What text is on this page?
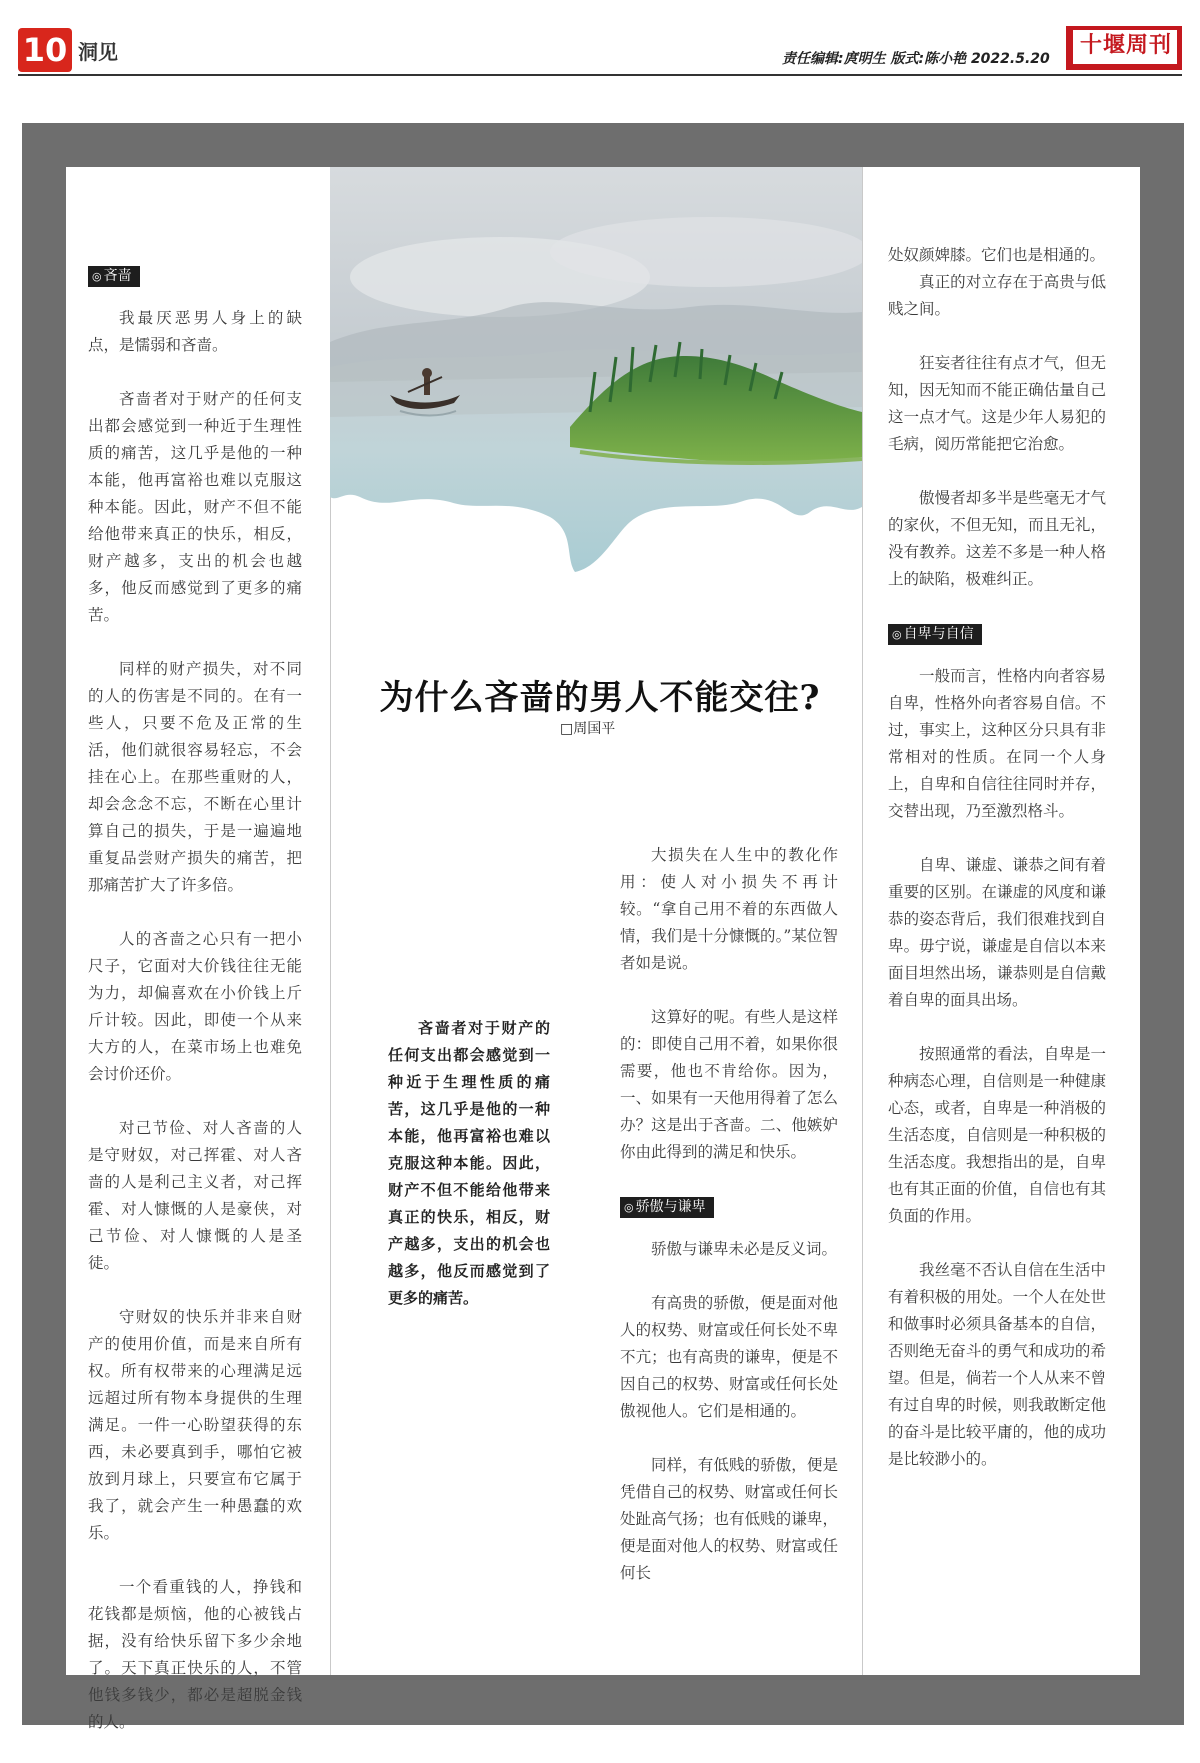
10 洞见	责任编辑:庹明生 版式:陈小艳 2022.5.20
十堰周刊
为什么吝啬的男人不能交往?
□周国平
吝啬者对于财产的任何支出都会感觉到一种近于生理性质的痛苦，这几乎是他的一种本能，他再富裕也难以克服这种本能。因此，财产不但不能给他带来真正的快乐，相反，财产越多，支出的机会也越多，他反而感觉到了更多的痛苦。
◎ 吝啬

我最厌恶男人身上的缺点，是懦弱和吝啬。

吝啬者对于财产的任何支出都会感觉到一种近于生理性质的痛苦，这几乎是他的一种本能，他再富裕也难以克服这种本能。因此，财产不但不能给他带来真正的快乐，相反，财产越多，支出的机会也越多，他反而感觉到了更多的痛苦。

同样的财产损失，对不同的人的伤害是不同的。在有一些人，只要不危及正常的生活，他们就很容易轻忘，不会挂在心上。在那些重财的人，却会念念不忘，不断在心里计算自己的损失，于是一遍遍地重复品尝财产损失的痛苦，把那痛苦扩大了许多倍。

人的吝啬之心只有一把小尺子，它面对大价钱往往无能为力，却偏喜欢在小价钱上斤斤计较。因此，即使一个从来大方的人，在菜市场上也难免会讨价还价。

对己节俭、对人吝啬的人是守财奴，对己挥霍、对人吝啬的人是利己主义者，对己挥霍、对人慷慨的人是豪侠，对己节俭、对人慷慨的人是圣徒。

守财奴的快乐并非来自财产的使用价值，而是来自所有权。所有权带来的心理满足远远超过所有物本身提供的生理满足。一件一心盼望获得的东西，未必要真到手，哪怕它被放到月球上，只要宣布它属于我了，就会产生一种愚蠢的欢乐。

一个看重钱的人，挣钱和花钱都是烦恼，他的心被钱占据，没有给快乐留下多少余地了。天下真正快乐的人，不管他钱多钱少，都必是超脱金钱的人。

大损失在人生中的教化作用：使人对小损失不再计较。“拿自己用不着的东西做人情，我们是十分慷慨的。”某位智者如是说。

这算好的呢。有些人是这样的：即使自己用不着，如果你很需要，他也不肯给你。因为，一、如果有一天他用得着了怎么办？这是出于吝啬。二、他嫉妒你由此得到的满足和快乐。

◎ 骄傲与谦卑

骄傲与谦卑未必是反义词。

有高贵的骄傲，便是面对他人的权势、财富或任何长处不卑不亢；也有高贵的谦卑，便是不因自己的权势、财富或任何长处傲视他人。它们是相通的。

同样，有低贱的骄傲，便是凭借自己的权势、财富或任何长处趾高气扬；也有低贱的谦卑，便是面对他人的权势、财富或任何长

处奴颜婢膝。它们也是相通的。

真正的对立存在于高贵与低贱之间。

狂妄者往往有点才气，但无知，因无知而不能正确估量自己这一点才气。这是少年人易犯的毛病，阅历常能把它治愈。

傲慢者却多半是些毫无才气的家伙，不但无知，而且无礼，没有教养。这差不多是一种人格上的缺陷，极难纠正。

◎ 自卑与自信

一般而言，性格内向者容易自卑，性格外向者容易自信。不过，事实上，这种区分只具有非常相对的性质。在同一个人身上，自卑和自信往往同时并存，交替出现，乃至激烈格斗。

自卑、谦虚、谦恭之间有着重要的区别。在谦虚的风度和谦恭的姿态背后，我们很难找到自卑。毋宁说，谦虚是自信以本来面目坦然出场，谦恭则是自信戴着自卑的面具出场。

按照通常的看法，自卑是一种病态心理，自信则是一种健康心态，或者，自卑是一种消极的生活态度，自信则是一种积极的生活态度。我想指出的是，自卑也有其正面的价值，自信也有其负面的作用。

我丝毫不否认自信在生活中有着积极的用处。一个人在处世和做事时必须具备基本的自信，否则绝无奋斗的勇气和成功的希望。但是，倘若一个人从来不曾有过自卑的时候，则我敢断定他的奋斗是比较平庸的，他的成功是比较渺小的。
